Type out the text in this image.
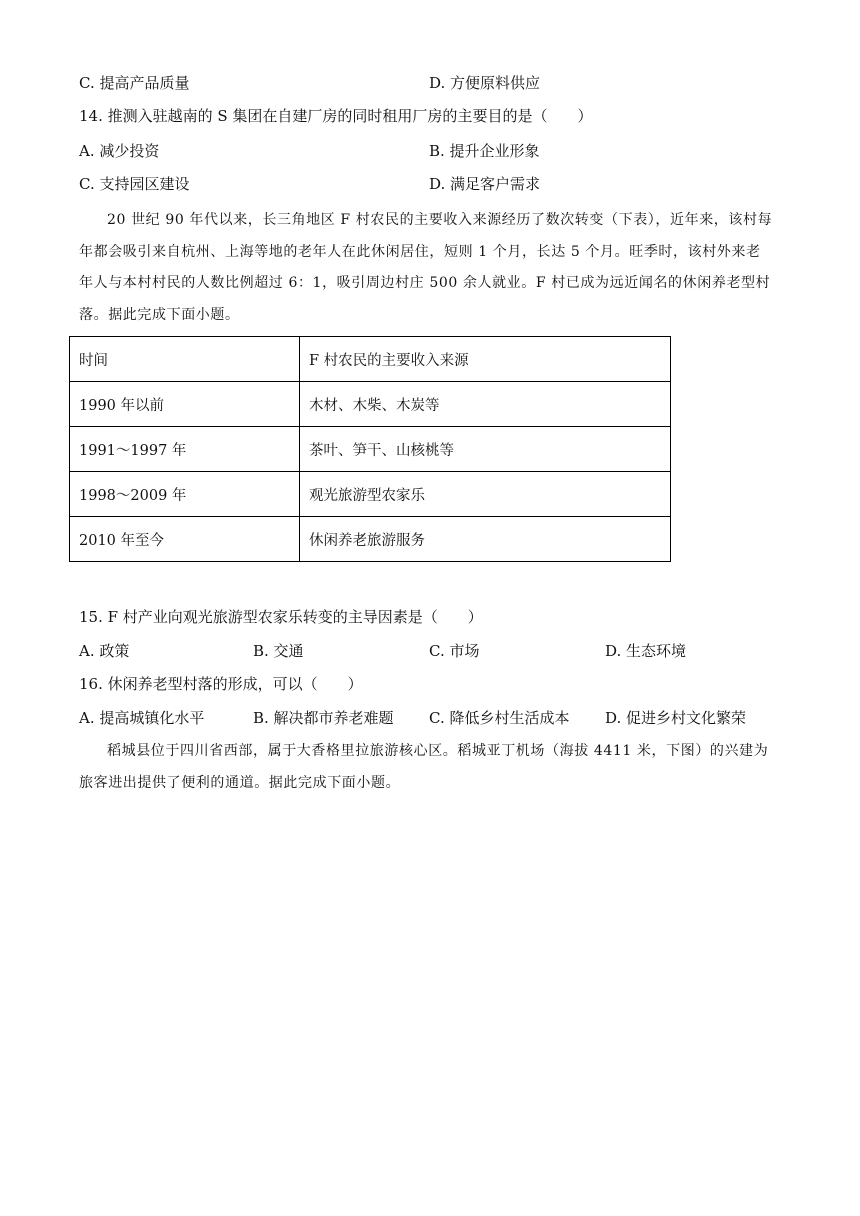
C. 提高产品质量	D. 方便原料供应
14. 推测入驻越南的 S 集团在自建厂房的同时租用厂房的主要目的是（　　）
A. 减少投资	B. 提升企业形象
C. 支持园区建设	D. 满足客户需求

20 世纪 90 年代以来，长三角地区 F 村农民的主要收入来源经历了数次转变（下表），近年来，该村每

年都会吸引来自杭州、上海等地的老年人在此休闲居住，短则 1 个月，长达 5 个月。旺季时，该村外来老

年人与本村村民的人数比例超过 6：1，吸引周边村庄 500 余人就业。F 村已成为远近闻名的休闲养老型村

落。据此完成下面小题。

时间	F 村农民的主要收入来源
1990 年以前	木材、木柴、木炭等
1991～1997 年	茶叶、笋干、山核桃等
1998～2009 年	观光旅游型农家乐
2010 年至今	休闲养老旅游服务
15. F 村产业向观光旅游型农家乐转变的主导因素是（　　）
A. 政策	B. 交通	C. 市场	D. 生态环境
16. 休闲养老型村落的形成，可以（　　）
A. 提高城镇化水平	B. 解决都市养老难题 C. 降低乡村生活成本 D. 促进乡村文化繁荣

稻城县位于四川省西部，属于大香格里拉旅游核心区。稻城亚丁机场（海拔 4411 米，下图）的兴建为

旅客进出提供了便利的通道。据此完成下面小题。
